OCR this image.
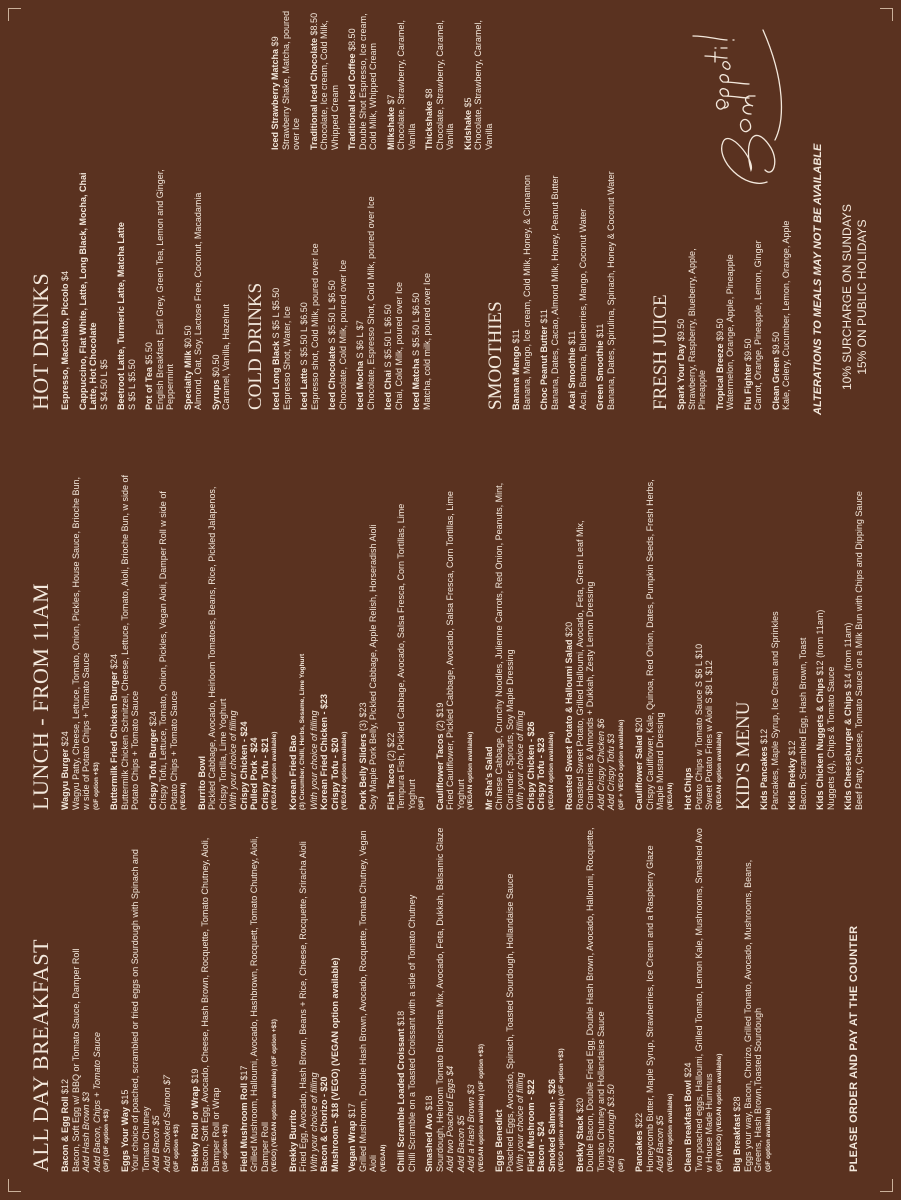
ALL DAY BREAKFAST Bacon & Egg Roll $12 Bacon, Soft Egg w/ BBQ or Tomato Sauce, Damper Roll Add Hash Brown $3 Add Bacon, Chips + Tomato Sauce (GF) (GF option +$3) Eggs Your Way $15 Your choice of poached, scrambled or fried eggs on Sourdough with Spinach and Tomato Chutney Add Bacon $5 Add Smoked Salmon $7 (GF option +$3) Brekky Roll or Wrap $19 Bacon, Soft Egg, Avocado, Cheese, Hash Brown, Rocquette, Tomato Chutney, Aioli, Damper Roll or Wrap (GF option +$3) Field Mushroom Roll $17 Grilled Mushroom, Halloumi, Avocado, Hashbrown, Rocquett, Tomato Chutney, Aioli, Damper Roll (VEGO) (VEGAN option available) (GF option +$3) Brekky Burrito Fried Egg, Avocado, Hash Brown, Beans + Rice, Cheese, Rocquette, Sriracha Aioli With your choice of filling Bacon & Chorizo - $20 Mushroom - $18 (VEGO) (VEGAN option available) Vegan Wrap $17 Grilled Mushroom, Double Hash Brown, Avocado, Rocquette, Tomato Chutney, Vegan Aioli (VEGAN) Chilli Scramble Loaded Croissant $18 Chilli Scramble on a Toasted Croissant with a side of Tomato Chutney Smashed Avo $18 Sourdough, Heirloom Tomato Bruschetta Mix, Avocado, Feta, Dukkah, Balsamic Glaze Add two Poached Eggs $4 Add Bacon $5 Add a Hash Brown $3 (VEGAN option available) (GF option +$3) Eggs Benedict Poached Eggs, Avocado, Spinach, Toasted Sourdough, Hollandaise Sauce With your choice of filling Field Mushroom - $22 Bacon - $24 Smoked Salmon - $26 (VEGO option available) (GF option +$3) Brekky Stack $20 Double Bacon, Double Fried Egg, Double Hash Brown, Avocado, Halloumi, Rocquette, Tomato Chutney and Hollandaise Sauce Add Sourdough $3.50 (GF) Pancakes $22 Honeycomb Butter, Maple Syrup, Strawberries, Ice Cream and a Raspberry Glaze Add Bacon $5 (VEGAN option available) Clean Breakfast Bowl $24 Two poached eggs, Halloumi, Grilled Tomato, Lemon Kale, Mushrooms, Smashed Avo w House Made Hummus (GF) (VEGO) (VEGAN option available) Big Breakfast $28 Eggs your way, Bacon, Chorizo, Grilled Tomato, Avocado, Mushrooms, Beans, Greens, Hash Brown,Toasted Sourdough (GF option available)
LUNCH - FROM 11AM Wagyu Burger $24 Wagyu Patty, Cheese, Lettuce, Tomato, Onion, Pickles, House Sauce, Brioche Bun, w side of Potato Chips + Tomato Sauce (GF option +$3) Buttermilk Fried Chicken Burger $24 Buttermilk Chicken Schnitzel, Cheese, Lettuce, Tomato, Aioli, Brioche Bun, w side of Potato Chips + Tomato Sauce Crispy Tofu Burger $24 Crispy Tofu, Lettuce, Tomato, Onion, Pickles, Vegan Aioli, Damper Roll w side of Potato Chips + Tomato Sauce (VEGAN) Burrito Bowl Pickled Cabbage, Avocado, Heirloom Tomatoes, Beans, Rice, Pickled Jalapenos, Crispy Tortilla, Lime Yoghurt With your choice of filling Crispy Chicken - $24 Pulled Pork - $24 Crispy Tofu - $21 (VEGAN option available) Korean Fried Bao (3) Cucumber, Chilli, Herbs, Sesame, Lime Yoghurt With your choice of filling Korean Fried Chicken - $23 Crispy Tofu - $20 (VEGAN option available) Pork Belly Sliders (3) $23 Soy Maple Pork Belly, Pickled Cabbage, Apple Relish, Horseradish Aioli Fish Tacos (2) $22 Tempura Fish, Pickled Cabbage, Avocado, Salsa Fresca, Corn Tortillas, Lime Yoghurt (GF) Cauliflower Tacos (2) $19 Fried Cauliflower, Pickled Cabbage, Avocado, Salsa Fresca, Corn Tortillas, Lime Yoghurt (VEGAN option available) Mr Sha's Salad Chinese Cabbage, Crunchy Noodles, Julienne Carrots, Red Onion, Peanuts, Mint, Coriander, Sprouts, Soy Maple Dressing With your choice of filling Crispy Chicken - $26 Crispy Tofu - $23 (VEGAN option available) Roasted Sweet Potato & Halloumi Salad $20 Roasted Sweet Potato, Grilled Halloumi, Avocado, Feta, Green Leaf Mix, Cranberries & Almonds + Dukkah, Zesty Lemon Dressing Add Crispy Chicken $6 Add Crispy Tofu $3 (GF + VEGO option available) Cauliflower Salad $20 Crispy Cauliflower, Kale, Quinoa, Red Onion, Dates, Pumpkin Seeds, Fresh Herbs, Maple Mustard Dressing (VEGAN) Hot Chips Potato Chips w Tomato Sauce S $6 L $10 Sweet Potato Fries w Aioli S $8 L $12 (VEGAN option available) KID'S MENU Kids Pancakes $12 Pancakes, Maple Syrup, Ice Cream and Sprinkles Kids Brekky $12 Bacon, Scrambled Egg, Hash Brown, Toast Kids Chicken Nuggets & Chips $12 (from 11am)
Nuggets (4), Chips & Tomato Sauce Kids Cheeseburger & Chips $14 (from 11am) Beef Patty, Cheese, Tomato Sauce on a Milk Bun with Chips and Dipping Sauce
HOT DRINKS Espresso, Macchiato, Piccolo $4 Cappuccino, Flat White, Latte, Long Black, Mocha, Chai Latte, Hot Chocolate S $4.50 L $5 Beetroot Latte, Turmeric Latte, Matcha Latte S $5 L $5.50 Pot of Tea $5.50 English Breakfast, Earl Grey, Green Tea, Lemon and Ginger, Peppermint Specialty Milk $0.50 Almond, Oat, Soy, Lactose Free, Coconut, Macadamia Syrups $0.50 Caramel, Vanilla, Hazelnut COLD DRINKS Iced Long Black S $5 L $5.50 Espresso Shot, Water, Ice Iced Latte S $5.50 L $6.50 Espresso shot, Cold Milk, poured over Ice Iced Chocolate S $5.50 L $6.50 Chocolate, Cold Milk, poured over Ice Iced Mocha S $6 L $7 Chocolate, Espresso Shot, Cold Milk, poured over Ice Iced Chai S $5.50 L $6.50 Chai, Cold Milk, poured over Ice Iced Matcha S $5.50 L $6.50 Matcha, cold milk, poured over Ice
Iced Strawberry Matcha $9 Strawberry Shake, Matcha, poured over Ice Traditional Iced Chocolate $8.50 Chocolate, Ice cream, Cold Milk, Whipped Cream Traditional Iced Coffee $8.50 Double Shot Espresso, Ice cream, Cold Milk, Whipped Cream Milkshake $7 Chocolate, Strawberry, Caramel, Vanilla Thickshake $8 Chocolate, Strawberry, Caramel, Vanilla Kidshake $5 Chocolate, Strawberry, Caramel, Vanilla
SMOOTHIES Banana Mango $11 Banana, Mango, Ice cream, Cold Milk, Honey, & Cinnamon Choc Peanut Butter $11 Banana, Dates, Cacao, Almond Milk, Honey, Peanut Butter Acai Smoothie $11 Acai, Banana, Blueberries, Mango, Coconut Water Green Smoothie $11 Banana, Dates, Spirulina, Spinach, Honey & Coconut Water FRESH JUICE Spark Your Day $9.50 Strawberry, Raspberry, Blueberry, Apple, Pineapple Tropical Breeze $9.50 Watermelon, Orange, Apple, Pineapple Flu Fighter $9.50 Carrot, Orange, Pineapple, Lemon, Ginger Clean Green $9.50 Kale, Celery, Cucumber, Lemon, Orange, Apple
PLEASE ORDER AND PAY AT THE COUNTER
ALTERATIONS TO MEALS MAY NOT BE AVAILABLE 10% SURCHARGE ON SUNDAYS 15% ON PUBLIC HOLIDAYS
